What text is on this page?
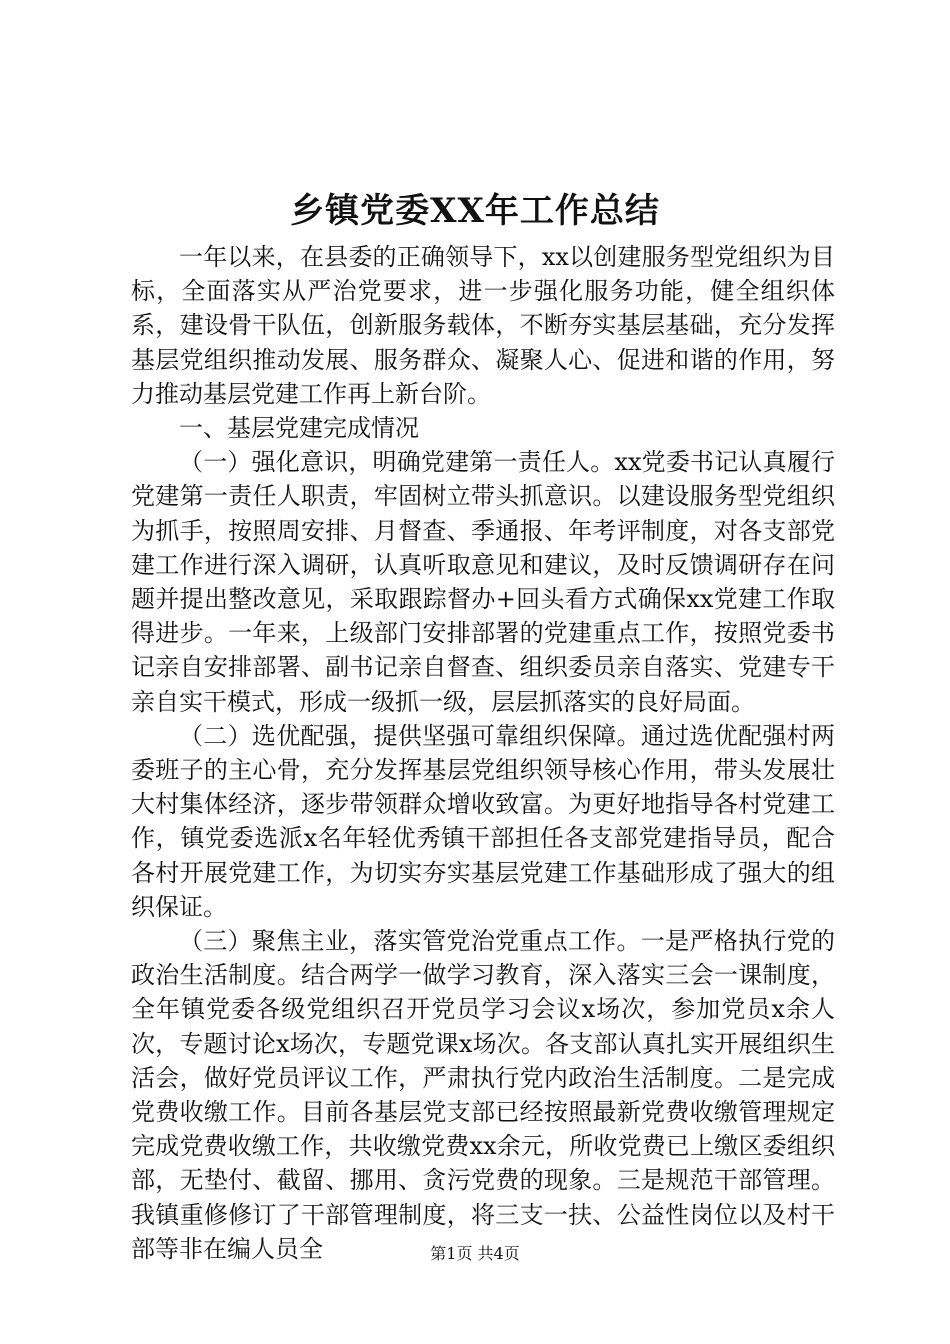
乡镇党委XX年工作总结

一年以来，在县委的正确领导下，xx以创建服务型党组织为目标，全面落实从严治党要求，进一步强化服务功能，健全组织体系，建设骨干队伍，创新服务载体，不断夯实基层基础，充分发挥基层党组织推动发展、服务群众、凝聚人心、促进和谐的作用，努力推动基层党建工作再上新台阶。

一、基层党建完成情况

（一）强化意识，明确党建第一责任人。xx党委书记认真履行党建第一责任人职责，牢固树立带头抓意识。以建设服务型党组织为抓手，按照周安排、月督查、季通报、年考评制度，对各支部党建工作进行深入调研，认真听取意见和建议，及时反馈调研存在问题并提出整改意见，采取跟踪督办+回头看方式确保xx党建工作取得进步。一年来，上级部门安排部署的党建重点工作，按照党委书记亲自安排部署、副书记亲自督查、组织委员亲自落实、党建专干亲自实干模式，形成一级抓一级，层层抓落实的良好局面。

（二）选优配强，提供坚强可靠组织保障。通过选优配强村两委班子的主心骨，充分发挥基层党组织领导核心作用，带头发展壮大村集体经济，逐步带领群众增收致富。为更好地指导各村党建工作，镇党委选派x名年轻优秀镇干部担任各支部党建指导员，配合各村开展党建工作，为切实夯实基层党建工作基础形成了强大的组织保证。

（三）聚焦主业，落实管党治党重点工作。一是严格执行党的政治生活制度。结合两学一做学习教育，深入落实三会一课制度，全年镇党委各级党组织召开党员学习会议x场次，参加党员x余人次，专题讨论x场次，专题党课x场次。各支部认真扎实开展组织生活会，做好党员评议工作，严肃执行党内政治生活制度。二是完成党费收缴工作。目前各基层党支部已经按照最新党费收缴管理规定完成党费收缴工作，共收缴党费xx余元，所收党费已上缴区委组织部，无垫付、截留、挪用、贪污党费的现象。三是规范干部管理。我镇重修修订了干部管理制度，将三支一扶、公益性岗位以及村干部等非在编人员全	第1页 共4页
